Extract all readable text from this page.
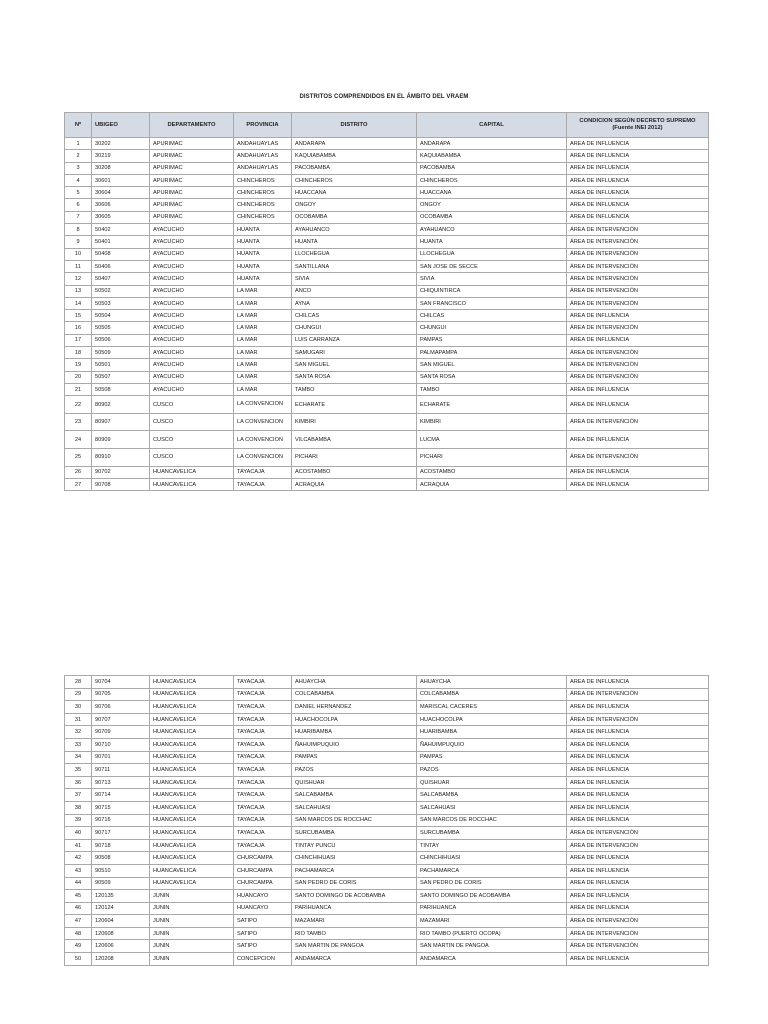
DISTRITOS COMPRENDIDOS EN EL ÁMBITO DEL VRAEM
Nº	UBIGEO	DEPARTAMENTO	PROVINCIA	DISTRITO	CAPITAL	CONDICION SEGÚN DECRETO SUPREMO
(Fuente INEI 2012)
1	30202	APURIMAC	ANDAHUAYLAS	ANDARAPA	ANDARAPA	AREA DE INFLUENCIA
2	30219	APURIMAC	ANDAHUAYLAS	KAQUIABAMBA	KAQUIABAMBA	AREA DE INFLUENCIA
3	30208	APURIMAC	ANDAHUAYLAS	PACOBAMBA	PACOBAMBA	AREA DE INFLUENCIA
4	30601	APURIMAC	CHINCHEROS	CHINCHEROS	CHINCHEROS	AREA DE INFLUENCIA
5	30604	APURIMAC	CHINCHEROS	HUACCANA	HUACCANA	AREA DE INFLUENCIA
6	30606	APURIMAC	CHINCHEROS	ONGOY	ONGOY	AREA DE INFLUENCIA
7	30605	APURIMAC	CHINCHEROS	OCOBAMBA	OCOBAMBA	AREA DE INFLUENCIA
8	50402	AYACUCHO	HUANTA	AYAHUANCO	AYAHUANCO	ÁREA DE INTERVENCIÓN
9	50401	AYACUCHO	HUANTA	HUANTA	HUANTA	ÁREA DE INTERVENCIÓN
10	50408	AYACUCHO	HUANTA	LLOCHEGUA	LLOCHEGUA	ÁREA DE INTERVENCIÓN
11	50406	AYACUCHO	HUANTA	SANTILLANA	SAN JOSE DE SECCE	ÁREA DE INTERVENCIÓN
12	50407	AYACUCHO	HUANTA	SIVIA	SIVIA	ÁREA DE INTERVENCIÓN
13	50502	AYACUCHO	LA MAR	ANCO	CHIQUINTIRCA	ÁREA DE INTERVENCIÓN
14	50503	AYACUCHO	LA MAR	AYNA	SAN FRANCISCO	ÁREA DE INTERVENCIÓN
15	50504	AYACUCHO	LA MAR	CHILCAS	CHILCAS	AREA DE INFLUENCIA
16	50505	AYACUCHO	LA MAR	CHUNGUI	CHUNGUI	ÁREA DE INTERVENCIÓN
17	50506	AYACUCHO	LA MAR	LUIS CARRANZA	PAMPAS	AREA DE INFLUENCIA
18	50509	AYACUCHO	LA MAR	SAMUGARI	PALMAPAMPA	ÁREA DE INTERVENCIÓN
19	50501	AYACUCHO	LA MAR	SAN MIGUEL	SAN MIGUEL	ÁREA DE INTERVENCIÓN
20	50507	AYACUCHO	LA MAR	SANTA ROSA	SANTA ROSA	ÁREA DE INTERVENCIÓN
21	50508	AYACUCHO	LA MAR	TAMBO	TAMBO	AREA DE INFLUENCIA
22	80902	CUSCO	LA CONVENCION	ECHARATE	ECHARATE	AREA DE INFLUENCIA
23	80907	CUSCO	LA CONVENCION	KIMBIRI	KIMBIRI	ÁREA DE INTERVENCIÓN
24	80909	CUSCO	LA CONVENCION	VILCABAMBA	LUCMA	AREA DE INFLUENCIA
25	80910	CUSCO	LA CONVENCION	PICHARI	PICHARI	ÁREA DE INTERVENCIÓN
26	90702	HUANCAVELICA	TAYACAJA	ACOSTAMBO	ACOSTAMBO	AREA DE INFLUENCIA
27	90708	HUANCAVELICA	TAYACAJA	ACRAQUIA	ACRAQUIA	AREA DE INFLUENCIA
28	90704	HUANCAVELICA	TAYACAJA	AHUAYCHA	AHUAYCHA	AREA DE INFLUENCIA
29	90705	HUANCAVELICA	TAYACAJA	COLCABAMBA	COLCABAMBA	ÁREA DE INTERVENCIÓN
30	90706	HUANCAVELICA	TAYACAJA	DANIEL HERNANDEZ	MARISCAL CACERES	AREA DE INFLUENCIA
31	90707	HUANCAVELICA	TAYACAJA	HUACHOCOLPA	HUACHOCOLPA	ÁREA DE INTERVENCIÓN
32	90709	HUANCAVELICA	TAYACAJA	HUARIBAMBA	HUARIBAMBA	AREA DE INFLUENCIA
33	90710	HUANCAVELICA	TAYACAJA	ÑAHUIMPUQUIO	ÑAHUIMPUQUIO	AREA DE INFLUENCIA
34	90701	HUANCAVELICA	TAYACAJA	PAMPAS	PAMPAS	AREA DE INFLUENCIA
35	90711	HUANCAVELICA	TAYACAJA	PAZOS	PAZOS	AREA DE INFLUENCIA
36	90713	HUANCAVELICA	TAYACAJA	QUISHUAR	QUISHUAR	AREA DE INFLUENCIA
37	90714	HUANCAVELICA	TAYACAJA	SALCABAMBA	SALCABAMBA	AREA DE INFLUENCIA
38	90715	HUANCAVELICA	TAYACAJA	SALCAHUASI	SALCAHUASI	AREA DE INFLUENCIA
39	90716	HUANCAVELICA	TAYACAJA	SAN MARCOS DE ROCCHAC	SAN MARCOS DE ROCCHAC	AREA DE INFLUENCIA
40	90717	HUANCAVELICA	TAYACAJA	SURCUBAMBA	SURCUBAMBA	ÁREA DE INTERVENCIÓN
41	90718	HUANCAVELICA	TAYACAJA	TINTAY PUNCU	TINTAY	ÁREA DE INTERVENCIÓN
42	90508	HUANCAVELICA	CHURCAMPA	CHINCHIHUASI	CHINCHIHUASI	AREA DE INFLUENCIA
43	90510	HUANCAVELICA	CHURCAMPA	PACHAMARCA	PACHAMARCA	AREA DE INFLUENCIA
44	90509	HUANCAVELICA	CHURCAMPA	SAN PEDRO DE CORIS	SAN PEDRO DE CORIS	AREA DE INFLUENCIA
45	120135	JUNIN	HUANCAYO	SANTO DOMINGO DE ACOBAMBA	SANTO DOMINGO DE ACOBAMBA	AREA DE INFLUENCIA
46	120124	JUNIN	HUANCAYO	PARIHUANCA	PARIHUANCA	AREA DE INFLUENCIA
47	120604	JUNIN	SATIPO	MAZAMARI	MAZAMARI	ÁREA DE INTERVENCIÓN
48	120608	JUNIN	SATIPO	RIO TAMBO	RIO TAMBO (PUERTO OCOPA)	ÁREA DE INTERVENCIÓN
49	120606	JUNIN	SATIPO	SAN MARTIN DE PANGOA	SAN MARTIN DE PANGOA	ÁREA DE INTERVENCIÓN
50	120208	JUNIN	CONCEPCION	ANDAMARCA	ANDAMARCA	AREA DE INFLUENCIA
